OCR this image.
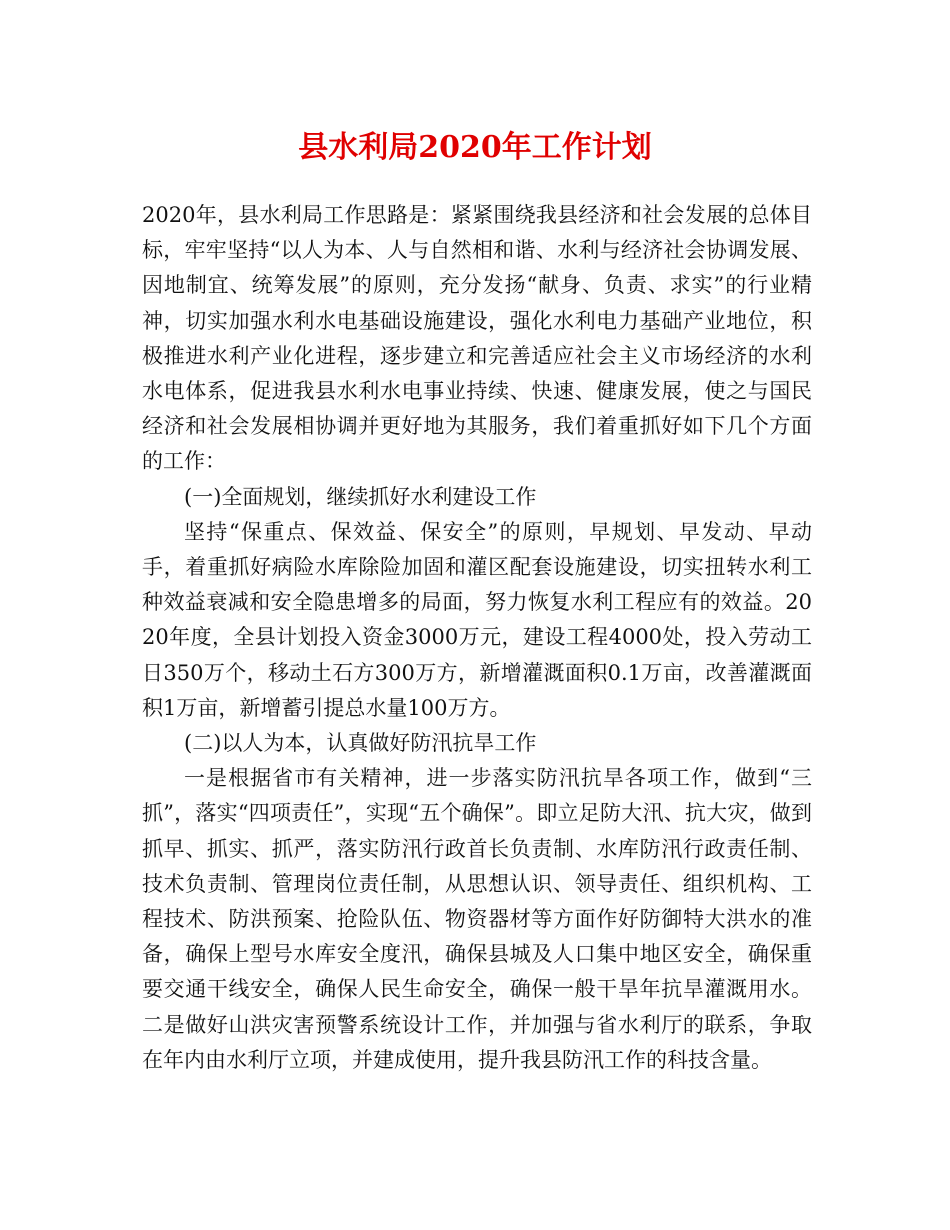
县水利局2020年工作计划

2020年，县水利局工作思路是：紧紧围绕我县经济和社会发展的总体目标，牢牢坚持“以人为本、人与自然相和谐、水利与经济社会协调发展、因地制宜、统筹发展”的原则，充分发扬“献身、负责、求实”的行业精神，切实加强水利水电基础设施建设，强化水利电力基础产业地位，积极推进水利产业化进程，逐步建立和完善适应社会主义市场经济的水利水电体系，促进我县水利水电事业持续、快速、健康发展，使之与国民经济和社会发展相协调并更好地为其服务，我们着重抓好如下几个方面的工作：

(一)全面规划，继续抓好水利建设工作

坚持“保重点、保效益、保安全”的原则，早规划、早发动、早动手，着重抓好病险水库除险加固和灌区配套设施建设，切实扭转水利工种效益衰减和安全隐患增多的局面，努力恢复水利工程应有的效益。2020年度，全县计划投入资金3000万元，建设工程4000处，投入劳动工日350万个，移动土石方300万方，新增灌溉面积0.1万亩，改善灌溉面积1万亩，新增蓄引提总水量100万方。

(二)以人为本，认真做好防汛抗旱工作

一是根据省市有关精神，进一步落实防汛抗旱各项工作，做到“三抓”，落实“四项责任”，实现“五个确保”。即立足防大汛、抗大灾，做到抓早、抓实、抓严，落实防汛行政首长负责制、水库防汛行政责任制、技术负责制、管理岗位责任制，从思想认识、领导责任、组织机构、工程技术、防洪预案、抢险队伍、物资器材等方面作好防御特大洪水的准备，确保上型号水库安全度汛，确保县城及人口集中地区安全，确保重要交通干线安全，确保人民生命安全，确保一般干旱年抗旱灌溉用水。二是做好山洪灾害预警系统设计工作，并加强与省水利厅的联系，争取在年内由水利厅立项，并建成使用，提升我县防汛工作的科技含量。
